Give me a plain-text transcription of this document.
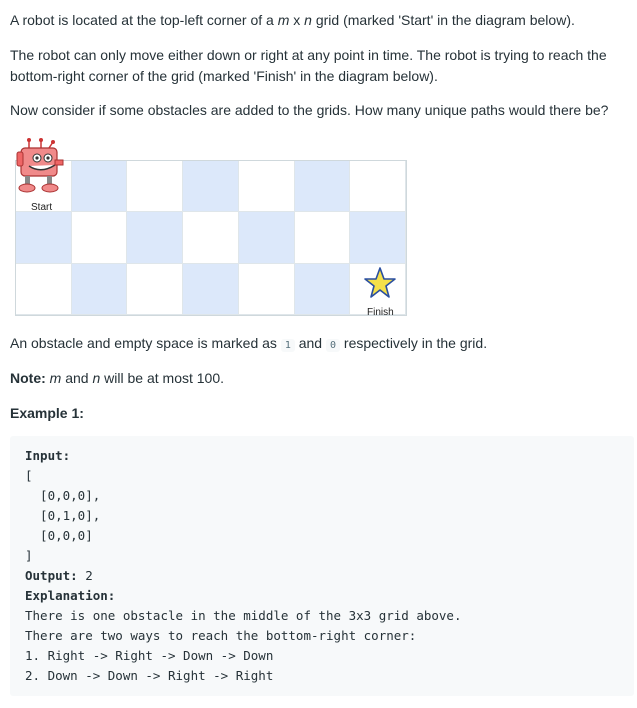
A robot is located at the top-left corner of a m x n grid (marked 'Start' in the diagram below).

The robot can only move either down or right at any point in time. The robot is trying to reach the bottom-right corner of the grid (marked 'Finish' in the diagram below).

Now consider if some obstacles are added to the grids. How many unique paths would there be?

Start
Finish

An obstacle and empty space is marked as 1 and 0 respectively in the grid.

Note: m and n will be at most 100.

Example 1:

Input:
[
[0,0,0],
[0,1,0],
[0,0,0]
]
Output: 2
Explanation:
There is one obstacle in the middle of the 3x3 grid above.
There are two ways to reach the bottom-right corner:
1. Right -> Right -> Down -> Down
2. Down -> Down -> Right -> Right
